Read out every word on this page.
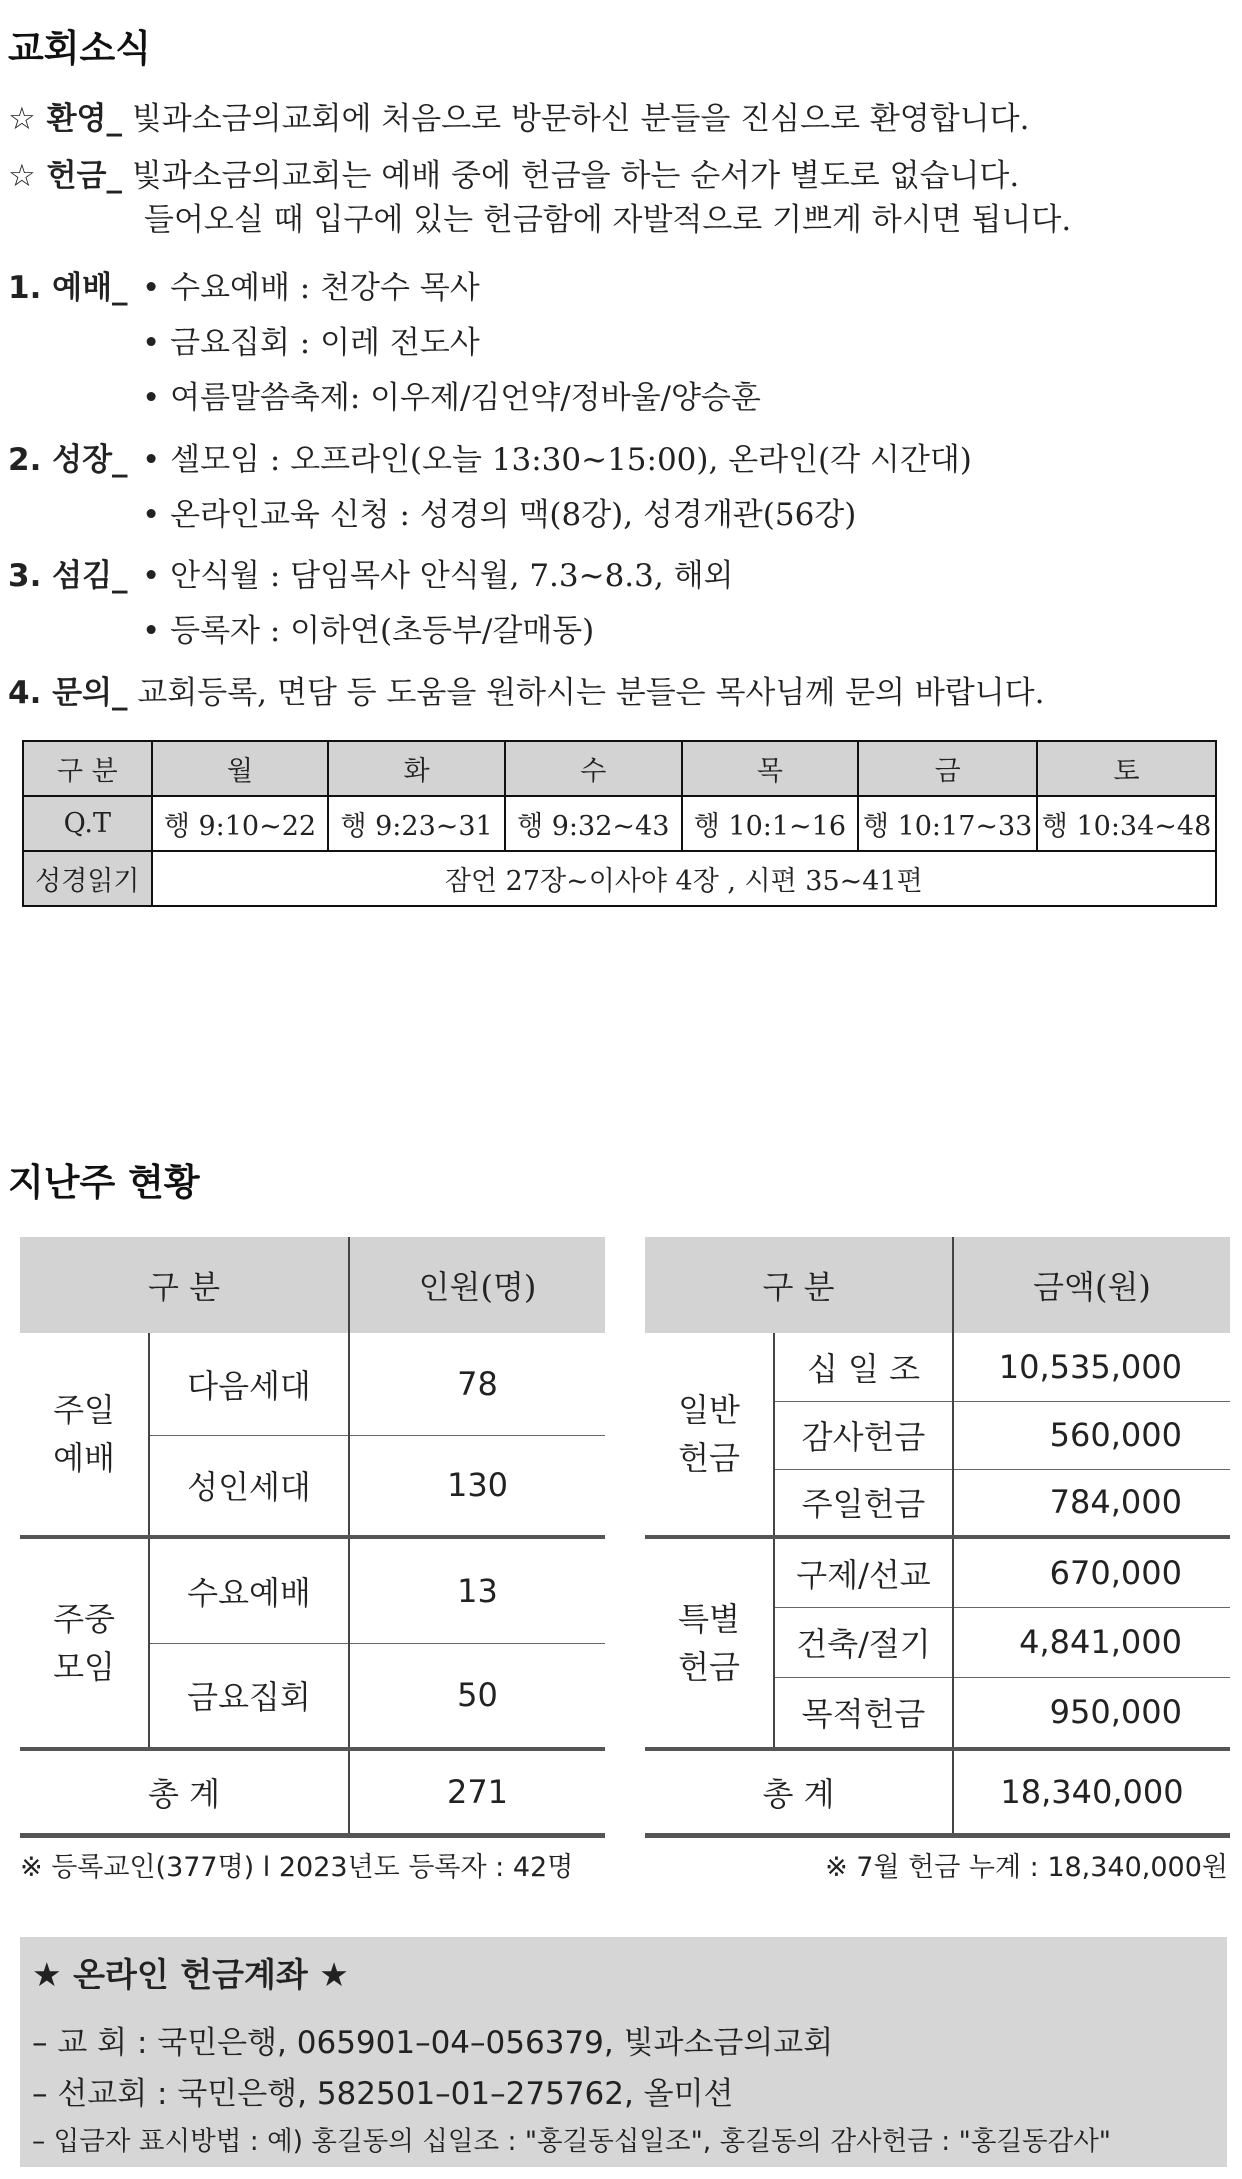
교회소식
☆ 환영_ 빛과소금의교회에 처음으로 방문하신 분들을 진심으로 환영합니다.
☆ 헌금_ 빛과소금의교회는 예배 중에 헌금을 하는 순서가 별도로 없습니다.
들어오실 때 입구에 있는 헌금함에 자발적으로 기쁘게 하시면 됩니다.
1. 예배_ • 수요예배 : 천강수 목사
• 금요집회 : 이레 전도사
• 여름말씀축제: 이우제/김언약/정바울/양승훈
2. 성장_ • 셀모임 : 오프라인(오늘 13:30~15:00), 온라인(각 시간대)
• 온라인교육 신청 : 성경의 맥(8강), 성경개관(56강)
3. 섬김_ • 안식월 : 담임목사 안식월, 7.3~8.3, 해외
• 등록자 : 이하연(초등부/갈매동)
4. 문의_ 교회등록, 면담 등 도움을 원하시는 분들은 목사님께 문의 바랍니다.
구 분	월	화	수	목	금	토
Q.T	행 9:10~22	행 9:23~31	행 9:32~43	행 10:1~16	행 10:17~33	행 10:34~48
성경읽기	잠언 27장~이사야 4장 , 시편 35~41편					
지난주 현황
구 분		인원(명)
주일
예배	다음세대	78
	성인세대	130
주중
모임	수요예배	13
	금요집회	50
총 계		271
구 분		금액(원)
일반
헌금	십 일 조	10,535,000
	감사헌금	560,000
	주일헌금	784,000
특별
헌금	구제/선교	670,000
	건축/절기	4,841,000
	목적헌금	950,000
총 계		18,340,000
※ 등록교인(377명) l 2023년도 등록자 : 42명	※ 7월 헌금 누계 : 18,340,000원
★ 온라인 헌금계좌 ★
– 교 회 : 국민은행, 065901–04–056379, 빛과소금의교회
– 선교회 : 국민은행, 582501–01–275762, 올미션
– 입금자 표시방법 : 예) 홍길동의 십일조 : "홍길동십일조", 홍길동의 감사헌금 : "홍길동감사"
